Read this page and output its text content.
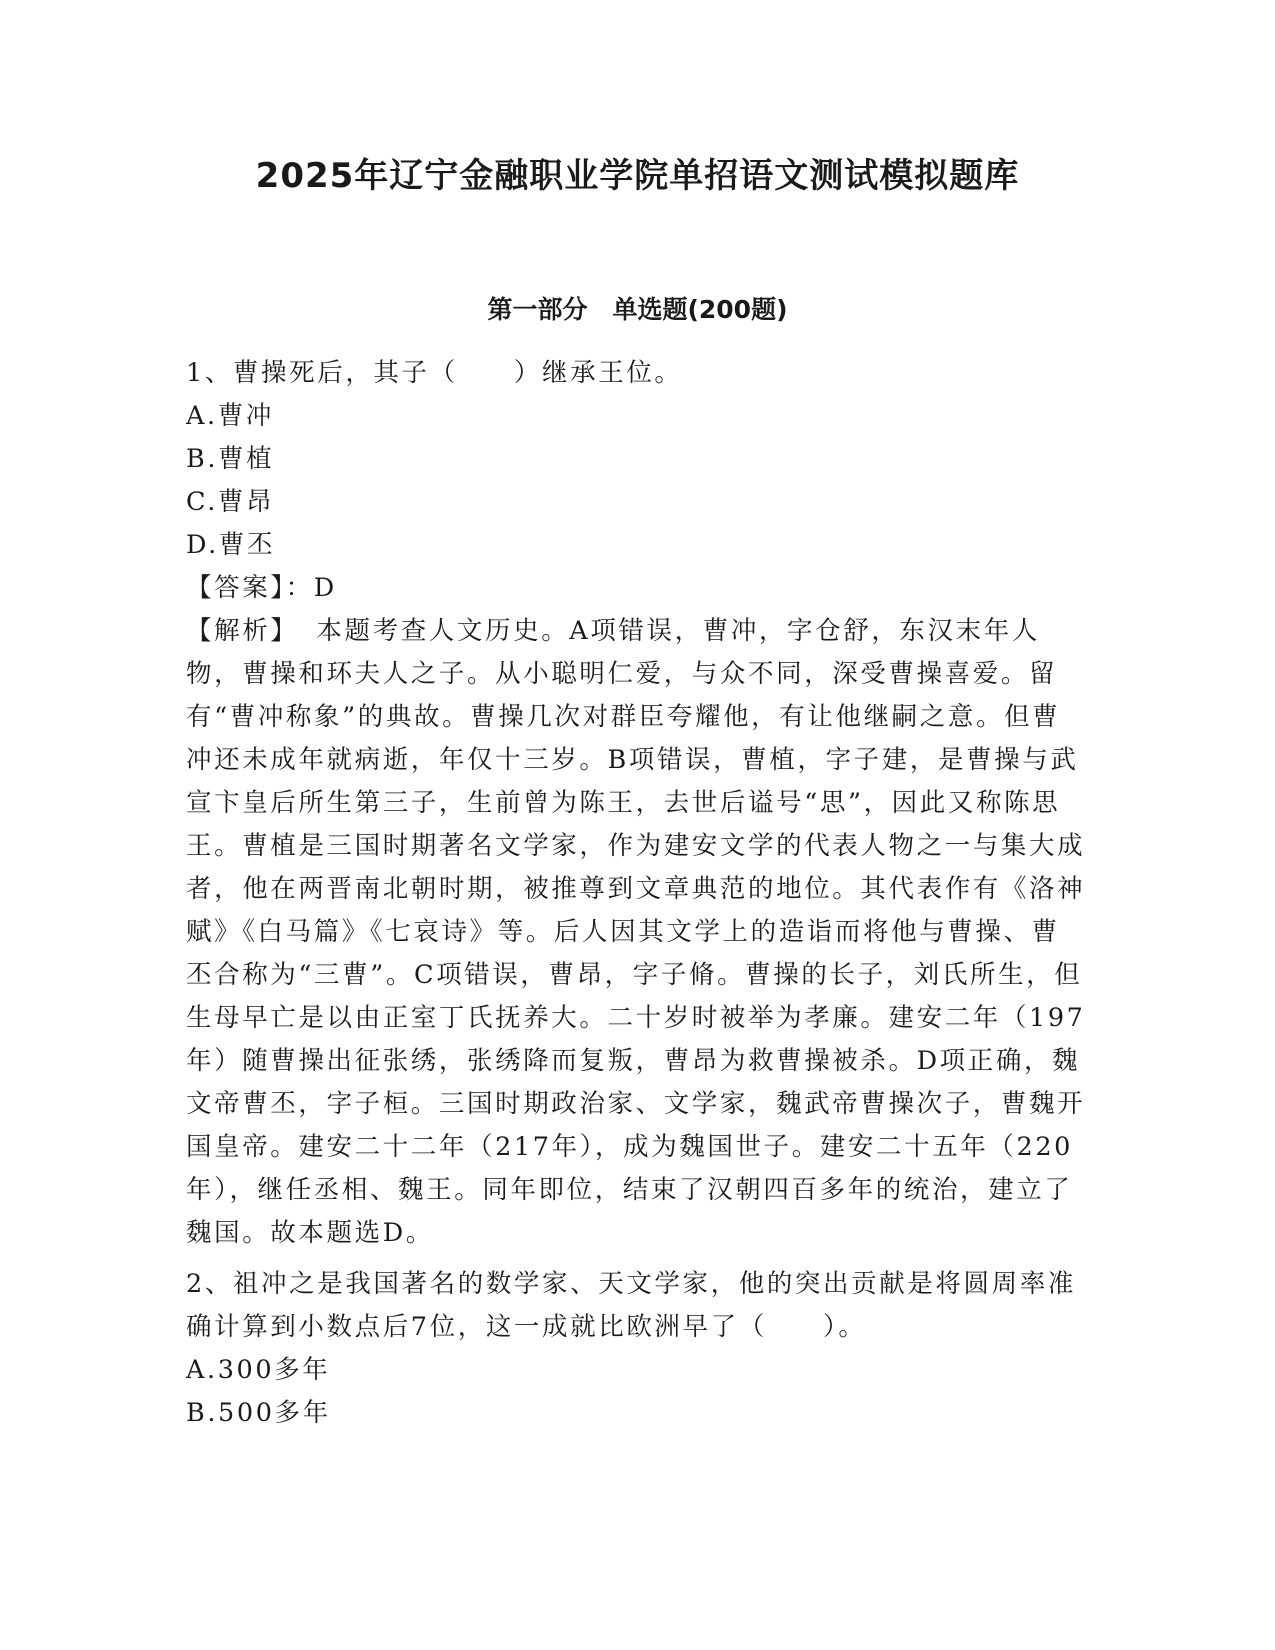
2025年辽宁金融职业学院单招语文测试模拟题库
第一部分　单选题(200题)

1、曹操死后，其子（　　）继承王位。

A.曹冲

B.曹植

C.曹昂

D.曹丕

【答案】：D

【解析】 本题考查人文历史。A项错误，曹冲，字仓舒，东汉末年人物，曹操和环夫人之子。从小聪明仁爱，与众不同，深受曹操喜爱。留有“曹冲称象”的典故。曹操几次对群臣夸耀他，有让他继嗣之意。但曹冲还未成年就病逝，年仅十三岁。B项错误，曹植，字子建，是曹操与武宣卞皇后所生第三子，生前曾为陈王，去世后谥号“思”，因此又称陈思王。曹植是三国时期著名文学家，作为建安文学的代表人物之一与集大成者，他在两晋南北朝时期，被推尊到文章典范的地位。其代表作有《洛神赋》《白马篇》《七哀诗》等。后人因其文学上的造诣而将他与曹操、曹丕合称为“三曹”。C项错误，曹昂，字子脩。曹操的长子，刘氏所生，但生母早亡是以由正室丁氏抚养大。二十岁时被举为孝廉。建安二年（197年）随曹操出征张绣，张绣降而复叛，曹昂为救曹操被杀。D项正确，魏文帝曹丕，字子桓。三国时期政治家、文学家，魏武帝曹操次子，曹魏开国皇帝。建安二十二年（217年），成为魏国世子。建安二十五年（220年），继任丞相、魏王。同年即位，结束了汉朝四百多年的统治，建立了魏国。故本题选D。

2、祖冲之是我国著名的数学家、天文学家，他的突出贡献是将圆周率准确计算到小数点后7位，这一成就比欧洲早了（　　）。

A.300多年

B.500多年
